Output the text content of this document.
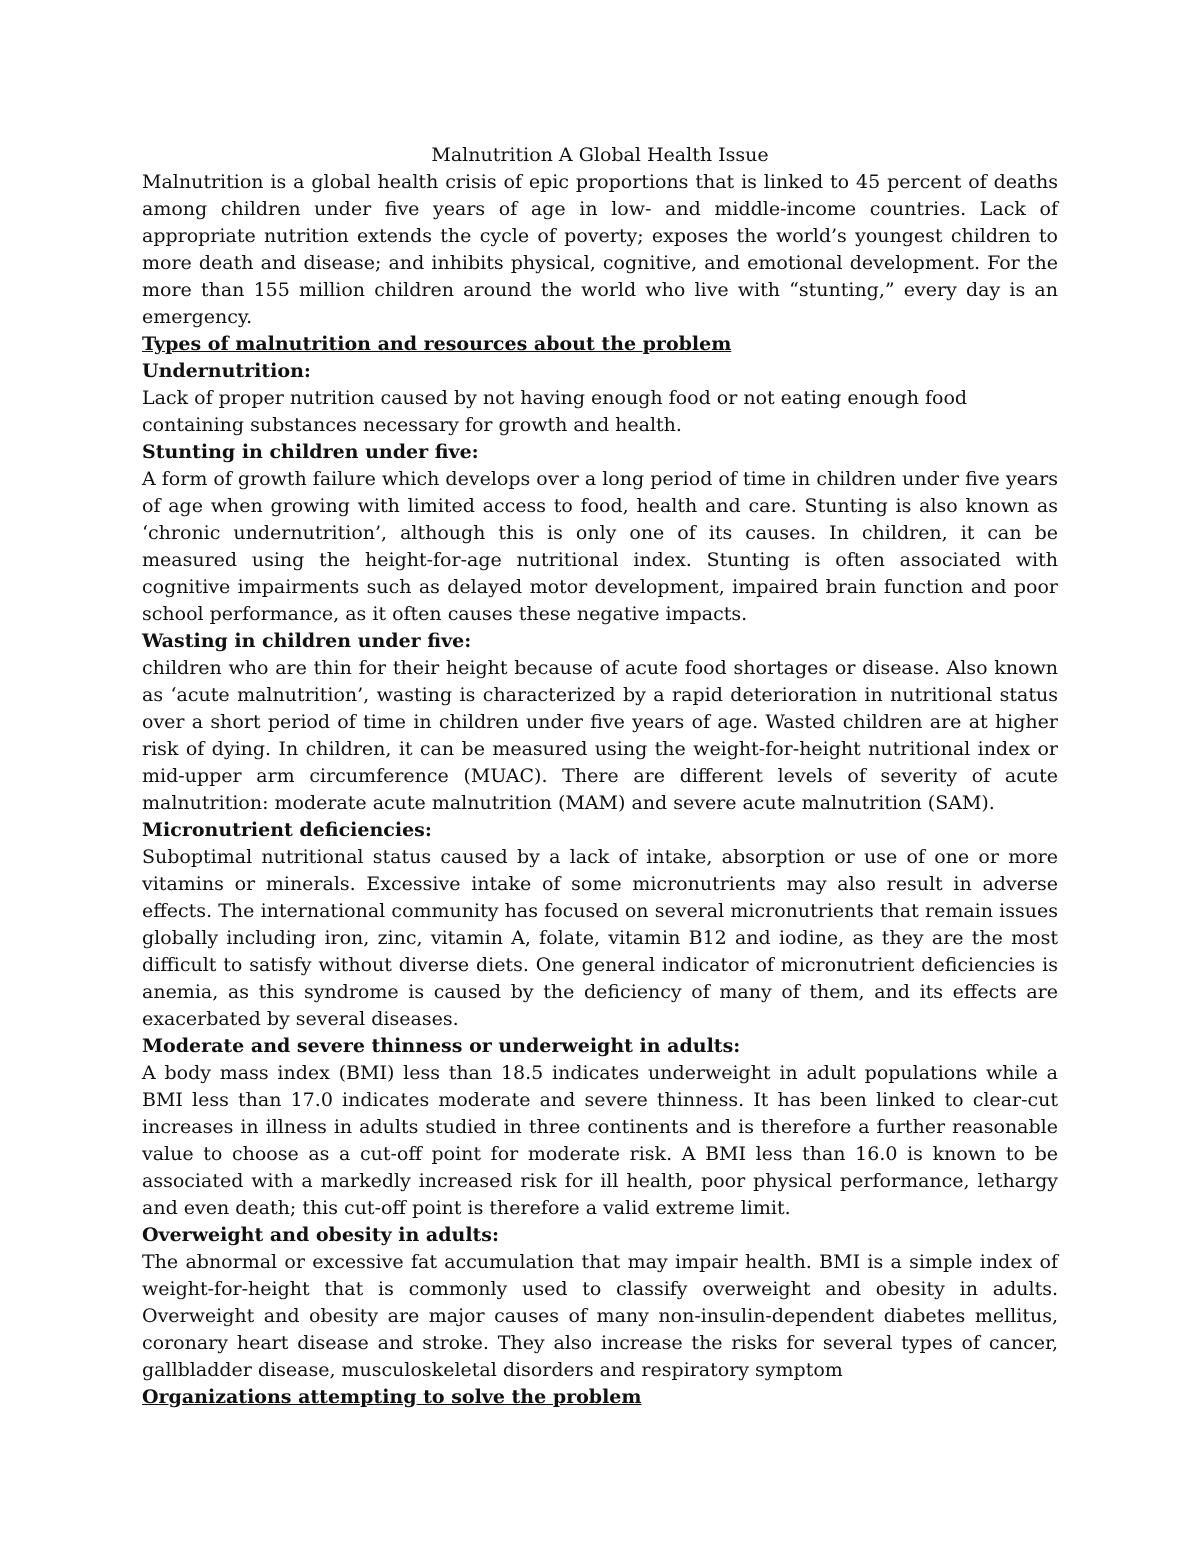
Malnutrition A Global Health Issue

Malnutrition is a global health crisis of epic proportions that is linked to 45 percent of deaths among children under five years of age in low- and middle-income countries. Lack of appropriate nutrition extends the cycle of poverty; exposes the world’s youngest children to more death and disease; and inhibits physical, cognitive, and emotional development. For the more than 155 million children around the world who live with “stunting,” every day is an emergency.

Types of malnutrition and resources about the problem
Undernutrition:

Lack of proper nutrition caused by not having enough food or not eating enough food containing substances necessary for growth and health.

Stunting in children under five:

A form of growth failure which develops over a long period of time in children under five years of age when growing with limited access to food, health and care. Stunting is also known as ‘chronic undernutrition’, although this is only one of its causes. In children, it can be measured using the height-for-age nutritional index. Stunting is often associated with cognitive impairments such as delayed motor development, impaired brain function and poor school performance, as it often causes these negative impacts.

Wasting in children under five:

children who are thin for their height because of acute food shortages or disease. Also known as ‘acute malnutrition’, wasting is characterized by a rapid deterioration in nutritional status over a short period of time in children under five years of age. Wasted children are at higher risk of dying. In children, it can be measured using the weight-for-height nutritional index or mid-upper arm circumference (MUAC). There are different levels of severity of acute malnutrition: moderate acute malnutrition (MAM) and severe acute malnutrition (SAM).

Micronutrient deficiencies:

Suboptimal nutritional status caused by a lack of intake, absorption or use of one or more vitamins or minerals. Excessive intake of some micronutrients may also result in adverse effects. The international community has focused on several micronutrients that remain issues globally including iron, zinc, vitamin A, folate, vitamin B12 and iodine, as they are the most difficult to satisfy without diverse diets. One general indicator of micronutrient deficiencies is anemia, as this syndrome is caused by the deficiency of many of them, and its effects are exacerbated by several diseases.

Moderate and severe thinness or underweight in adults:

A body mass index (BMI) less than 18.5 indicates underweight in adult populations while a BMI less than 17.0 indicates moderate and severe thinness. It has been linked to clear-cut increases in illness in adults studied in three continents and is therefore a further reasonable value to choose as a cut-off point for moderate risk. A BMI less than 16.0 is known to be associated with a markedly increased risk for ill health, poor physical performance, lethargy and even death; this cut-off point is therefore a valid extreme limit.

Overweight and obesity in adults:

The abnormal or excessive fat accumulation that may impair health. BMI is a simple index of weight-for-height that is commonly used to classify overweight and obesity in adults. Overweight and obesity are major causes of many non-insulin-dependent diabetes mellitus, coronary heart disease and stroke. They also increase the risks for several types of cancer, gallbladder disease, musculoskeletal disorders and respiratory symptom

Organizations attempting to solve the problem
